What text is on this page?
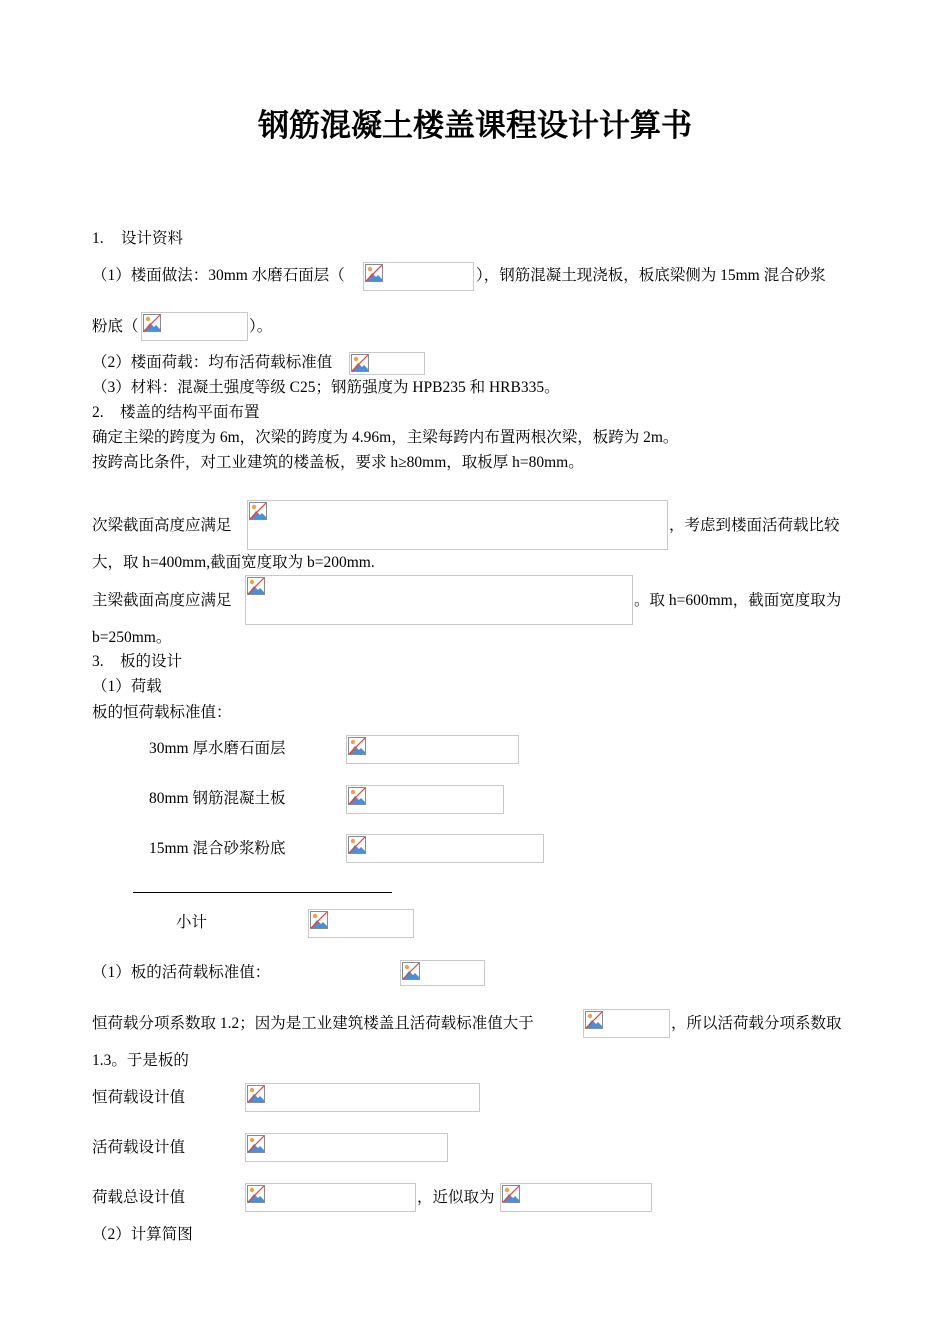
钢筋混凝土楼盖课程设计计算书
1. 设计资料
（1）楼面做法：30mm 水磨石面层（	），钢筋混凝土现浇板，板底梁侧为 15mm 混合砂浆
粉底（	）。
（2）楼面荷载：均布活荷载标准值
（3）材料：混凝土强度等级 C25；钢筋强度为 HPB235 和 HRB335。
2. 楼盖的结构平面布置
确定主梁的跨度为 6m，次梁的跨度为 4.96m，主梁每跨内布置两根次梁，板跨为 2m。
按跨高比条件，对工业建筑的楼盖板，要求 h≥80mm，取板厚 h=80mm。
次梁截面高度应满足	，考虑到楼面活荷载比较
大，取 h=400mm,截面宽度取为 b=200mm.
主梁截面高度应满足	。取 h=600mm，截面宽度取为
b=250mm。
3. 板的设计
（1）荷载
板的恒荷载标准值：
30mm 厚水磨石面层
80mm 钢筋混凝土板
15mm 混合砂浆粉底
小计
（1）板的活荷载标准值：
恒荷载分项系数取 1.2；因为是工业建筑楼盖且活荷载标准值大于	，所以活荷载分项系数取
1.3。于是板的
恒荷载设计值
活荷载设计值
荷载总设计值	，近似取为
（2）计算简图
